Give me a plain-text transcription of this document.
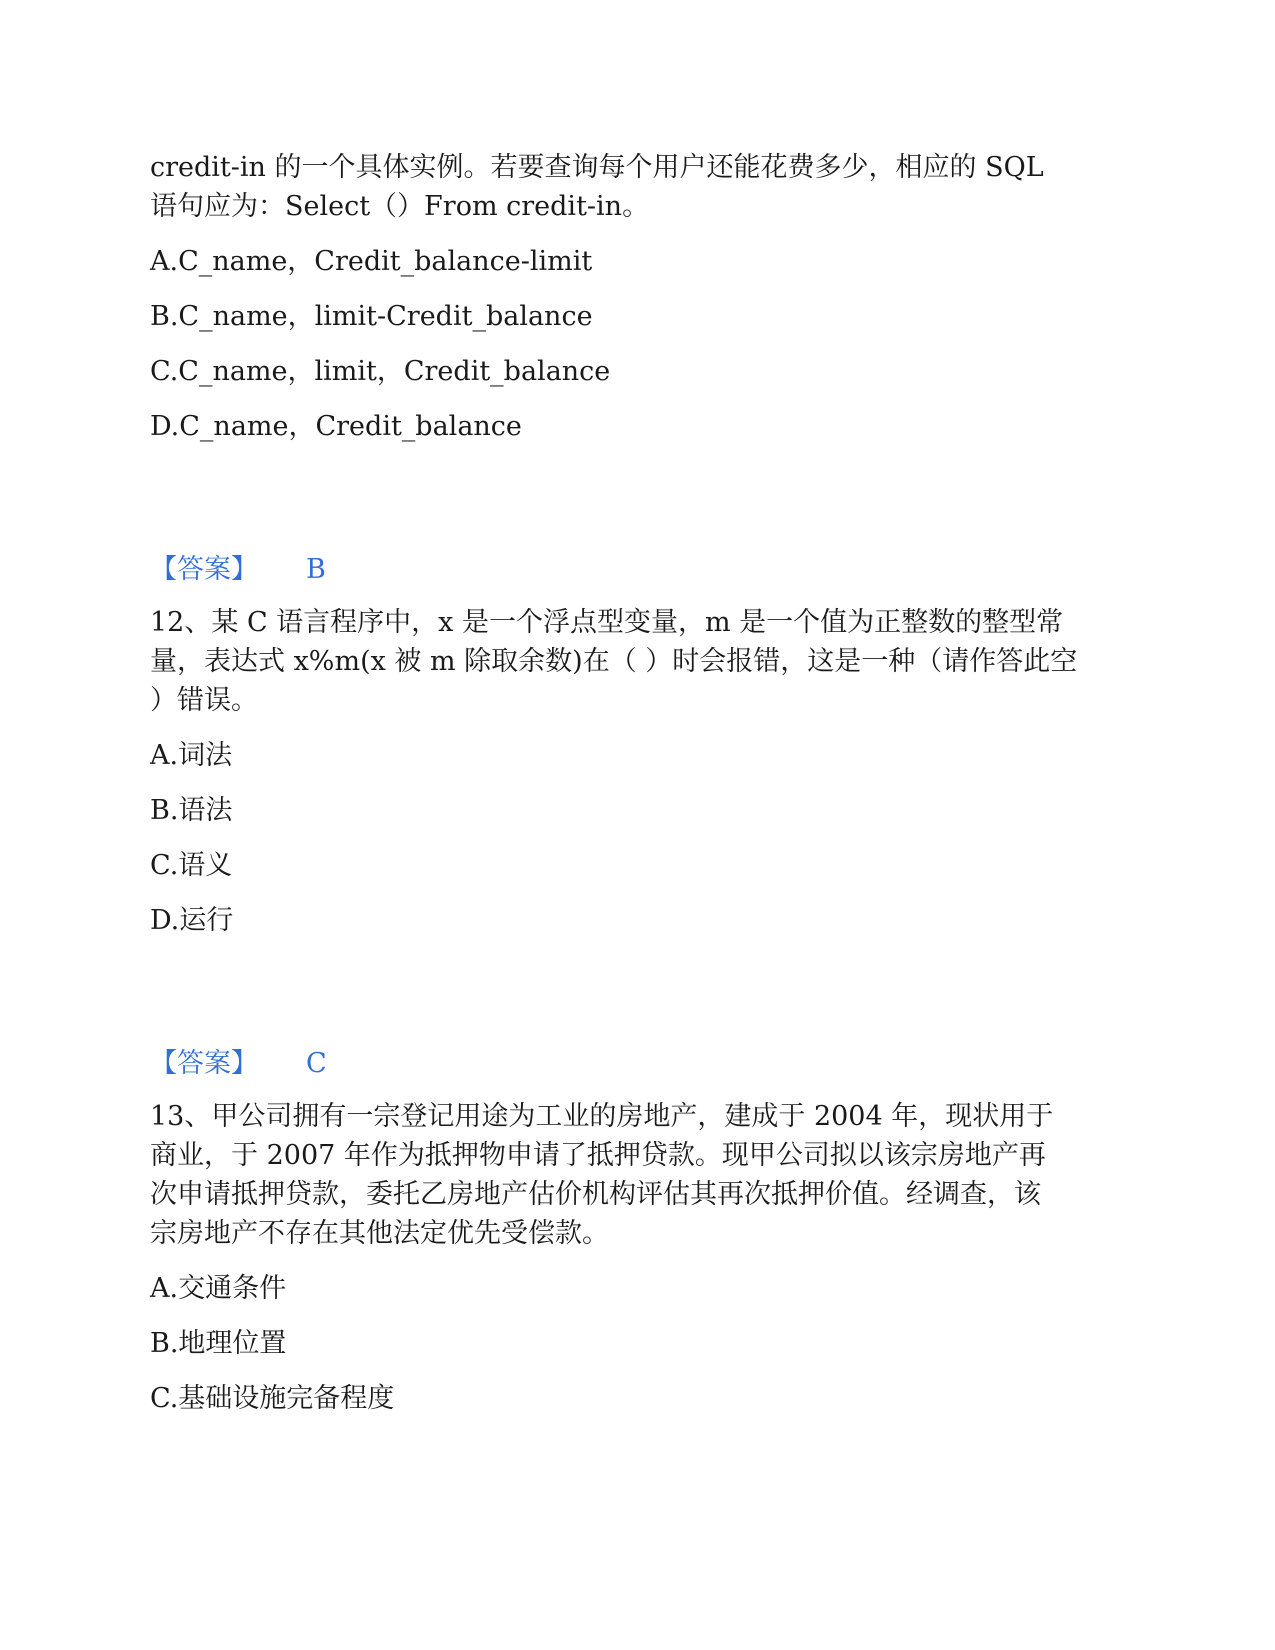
credit-in 的一个具体实例。若要查询每个用户还能花费多少，相应的 SQL
语句应为：Select（）From credit-in。
A.C_name，Credit_balance-limit
B.C_name，limit-Credit_balance
C.C_name，limit，Credit_balance
D.C_name，Credit_balance
【答案】 B
12、某 C 语言程序中，x 是一个浮点型变量，m 是一个值为正整数的整型常
量，表达式 x%m(x 被 m 除取余数)在（ ）时会报错，这是一种（请作答此空
）错误。
A.词法
B.语法
C.语义
D.运行
【答案】 C
13、甲公司拥有一宗登记用途为工业的房地产，建成于 2004 年，现状用于
商业，于 2007 年作为抵押物申请了抵押贷款。现甲公司拟以该宗房地产再
次申请抵押贷款，委托乙房地产估价机构评估其再次抵押价值。经调查，该
宗房地产不存在其他法定优先受偿款。
A.交通条件
B.地理位置
C.基础设施完备程度
